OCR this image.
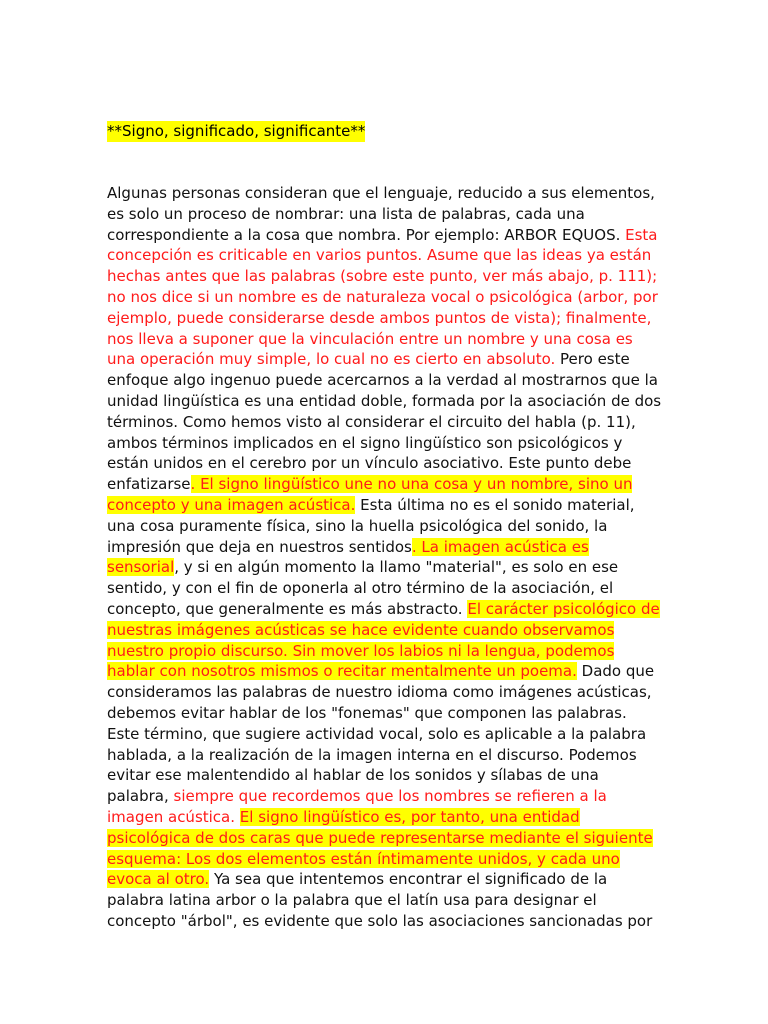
**Signo, significado, significante**

Algunas personas consideran que el lenguaje, reducido a sus elementos, es solo un proceso de nombrar: una lista de palabras, cada una correspondiente a la cosa que nombra. Por ejemplo: ARBOR EQUOS. Esta concepción es criticable en varios puntos. Asume que las ideas ya están hechas antes que las palabras (sobre este punto, ver más abajo, p. 111); no nos dice si un nombre es de naturaleza vocal o psicológica (arbor, por ejemplo, puede considerarse desde ambos puntos de vista); finalmente, nos lleva a suponer que la vinculación entre un nombre y una cosa es una operación muy simple, lo cual no es cierto en absoluto. Pero este enfoque algo ingenuo puede acercarnos a la verdad al mostrarnos que la unidad lingüística es una entidad doble, formada por la asociación de dos términos. Como hemos visto al considerar el circuito del habla (p. 11), ambos términos implicados en el signo lingüístico son psicológicos y están unidos en el cerebro por un vínculo asociativo. Este punto debe enfatizarse. El signo lingüístico une no una cosa y un nombre, sino un concepto y una imagen acústica. Esta última no es el sonido material, una cosa puramente física, sino la huella psicológica del sonido, la impresión que deja en nuestros sentidos. La imagen acústica es sensorial, y si en algún momento la llamo "material", es solo en ese sentido, y con el fin de oponerla al otro término de la asociación, el concepto, que generalmente es más abstracto. El carácter psicológico de nuestras imágenes acústicas se hace evidente cuando observamos nuestro propio discurso. Sin mover los labios ni la lengua, podemos hablar con nosotros mismos o recitar mentalmente un poema. Dado que consideramos las palabras de nuestro idioma como imágenes acústicas, debemos evitar hablar de los "fonemas" que componen las palabras. Este término, que sugiere actividad vocal, solo es aplicable a la palabra hablada, a la realización de la imagen interna en el discurso. Podemos evitar ese malentendido al hablar de los sonidos y sílabas de una palabra, siempre que recordemos que los nombres se refieren a la imagen acústica. El signo lingüístico es, por tanto, una entidad psicológica de dos caras que puede representarse mediante el siguiente esquema: Los dos elementos están íntimamente unidos, y cada uno evoca al otro. Ya sea que intentemos encontrar el significado de la palabra latina arbor o la palabra que el latín usa para designar el concepto "árbol", es evidente que solo las asociaciones sancionadas por
